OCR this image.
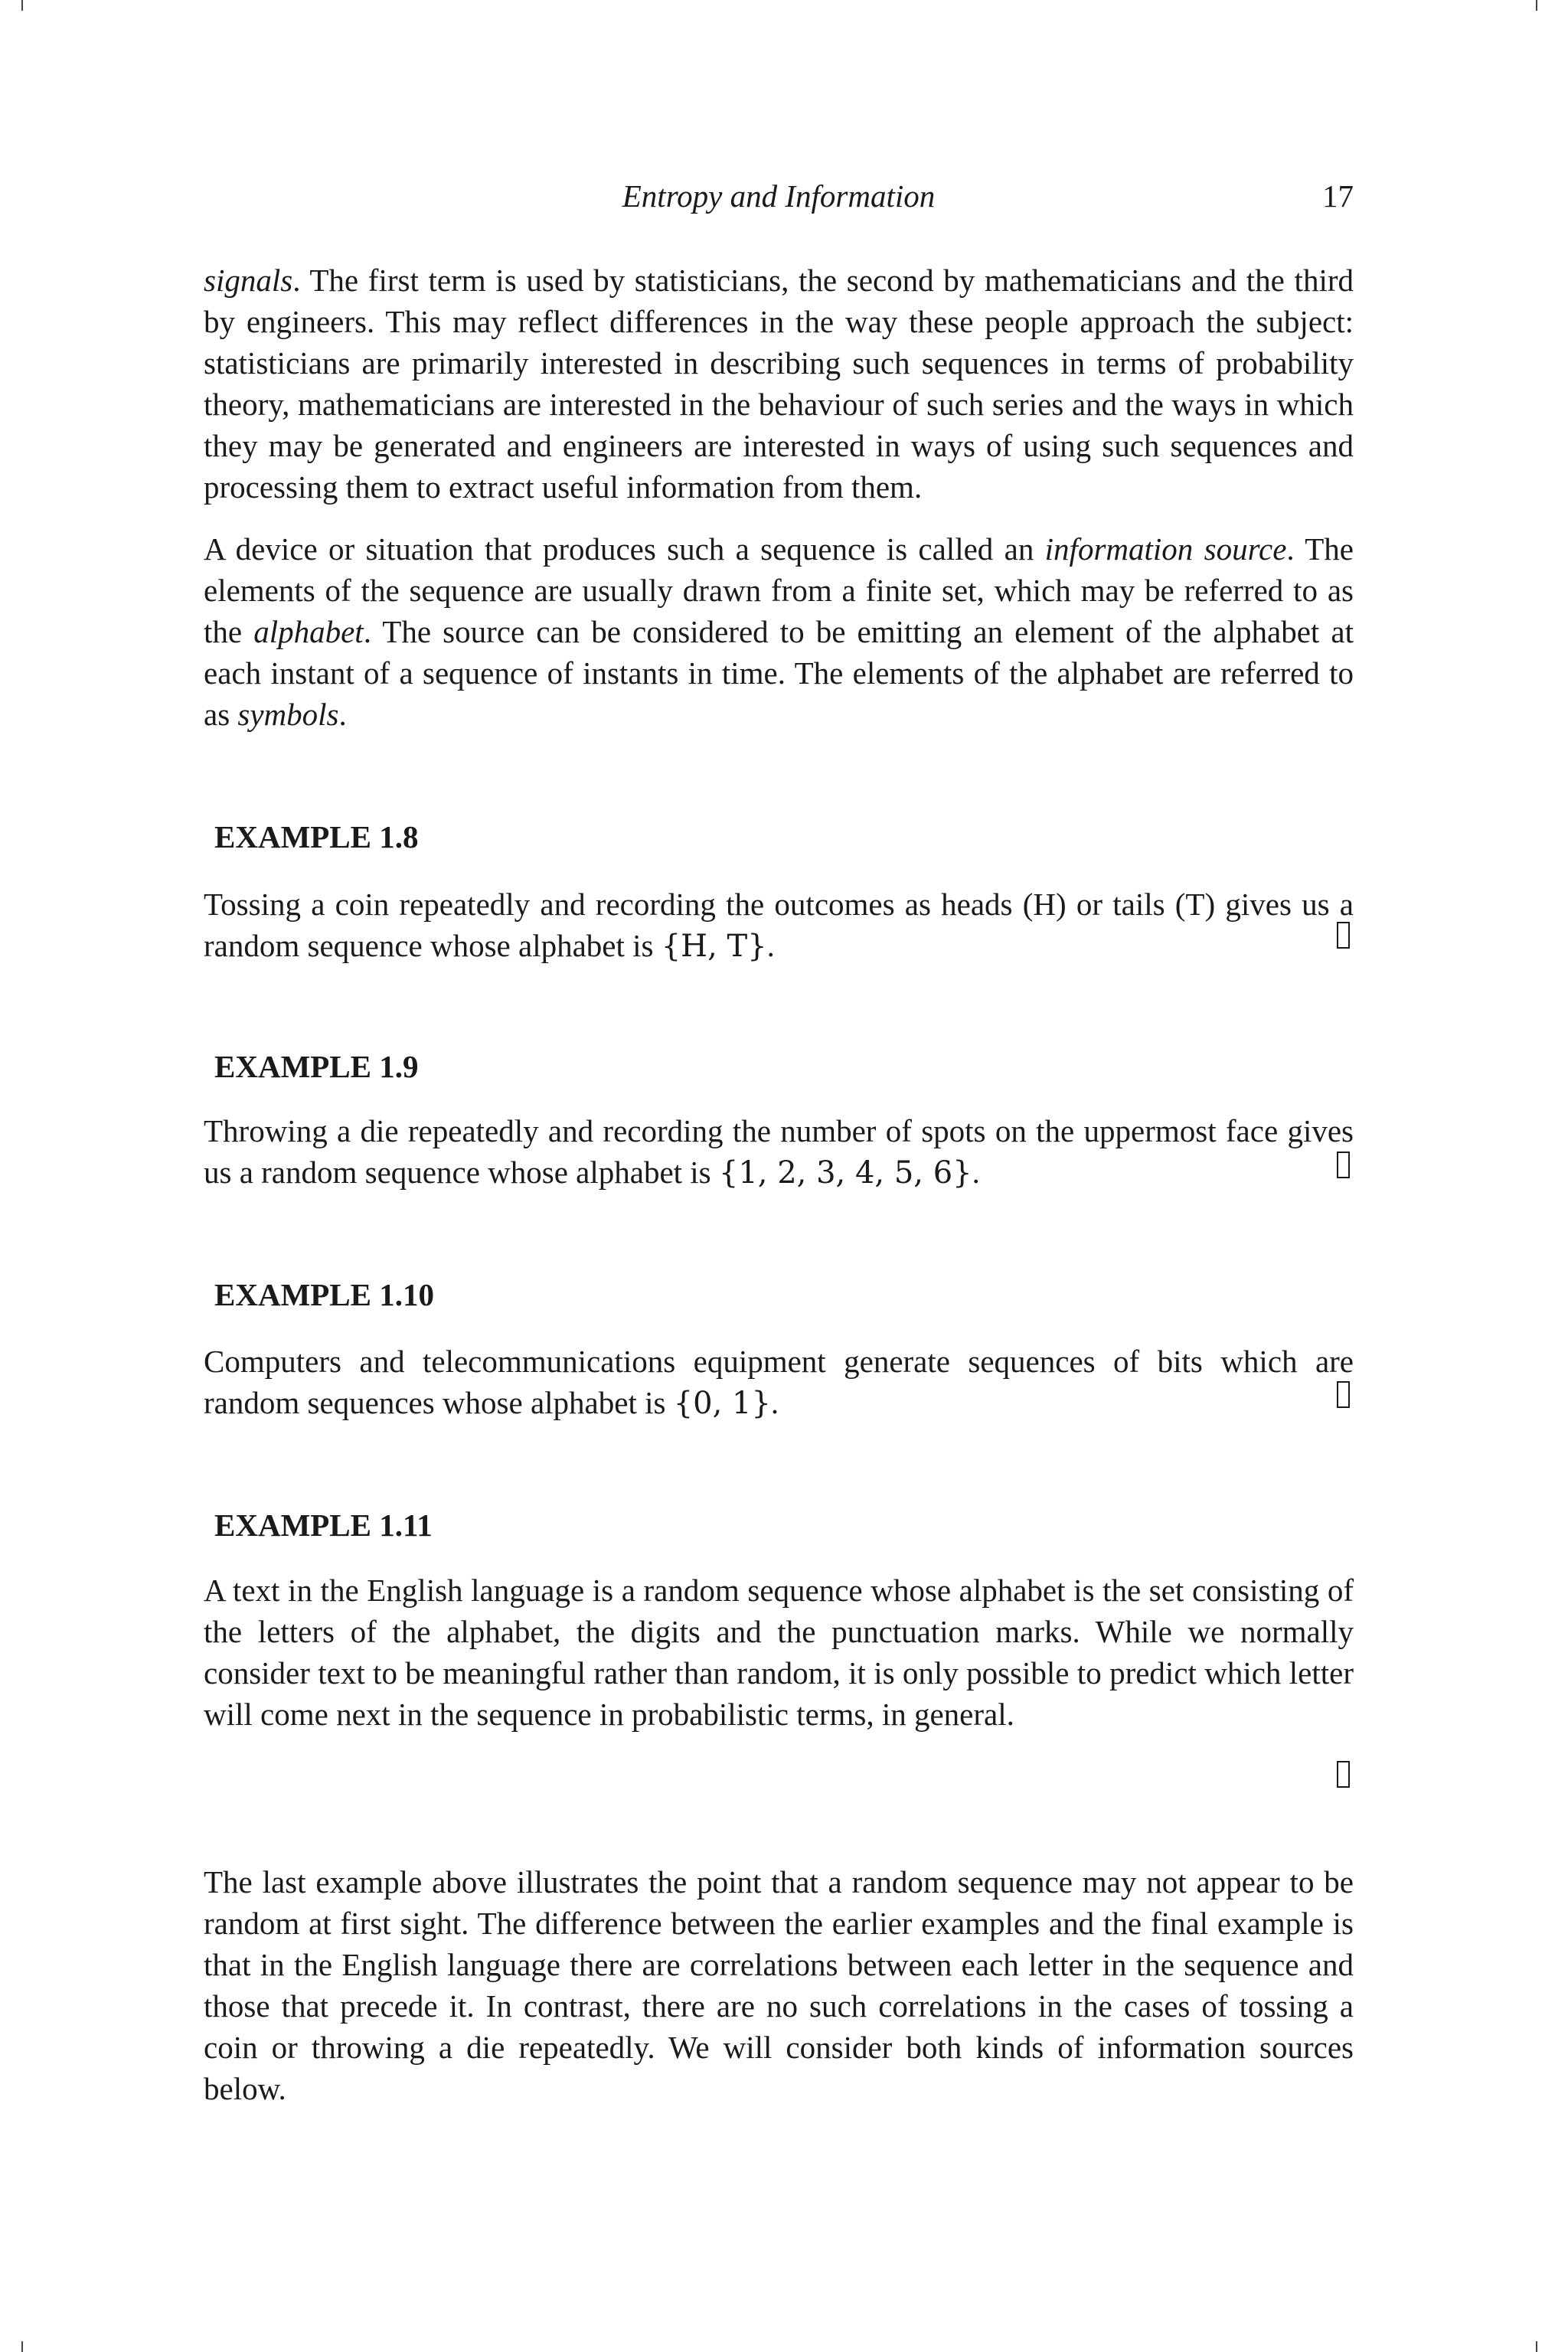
Entropy and Information	17

signals. The first term is used by statisticians, the second by mathematicians and the third by engineers. This may reflect differences in the way these people approach the subject: statisticians are primarily interested in describing such sequences in terms of probability theory, mathematicians are interested in the behaviour of such series and the ways in which they may be generated and engineers are interested in ways of using such sequences and processing them to extract useful information from them.

A device or situation that produces such a sequence is called an information source. The elements of the sequence are usually drawn from a finite set, which may be referred to as the alphabet. The source can be considered to be emitting an element of the alphabet at each instant of a sequence of instants in time. The elements of the alphabet are referred to as symbols.

EXAMPLE 1.8

Tossing a coin repeatedly and recording the outcomes as heads (H) or tails (T) gives us a random sequence whose alphabet is {H, T}.

EXAMPLE 1.9

Throwing a die repeatedly and recording the number of spots on the uppermost face gives us a random sequence whose alphabet is {1, 2, 3, 4, 5, 6}.

EXAMPLE 1.10

Computers and telecommunications equipment generate sequences of bits which are random sequences whose alphabet is {0, 1}.

EXAMPLE 1.11

A text in the English language is a random sequence whose alphabet is the set consisting of the letters of the alphabet, the digits and the punctuation marks. While we normally consider text to be meaningful rather than random, it is only possible to predict which letter will come next in the sequence in probabilistic terms, in general.

The last example above illustrates the point that a random sequence may not appear to be random at first sight. The difference between the earlier examples and the final example is that in the English language there are correlations between each letter in the sequence and those that precede it. In contrast, there are no such correlations in the cases of tossing a coin or throwing a die repeatedly. We will consider both kinds of information sources below.
